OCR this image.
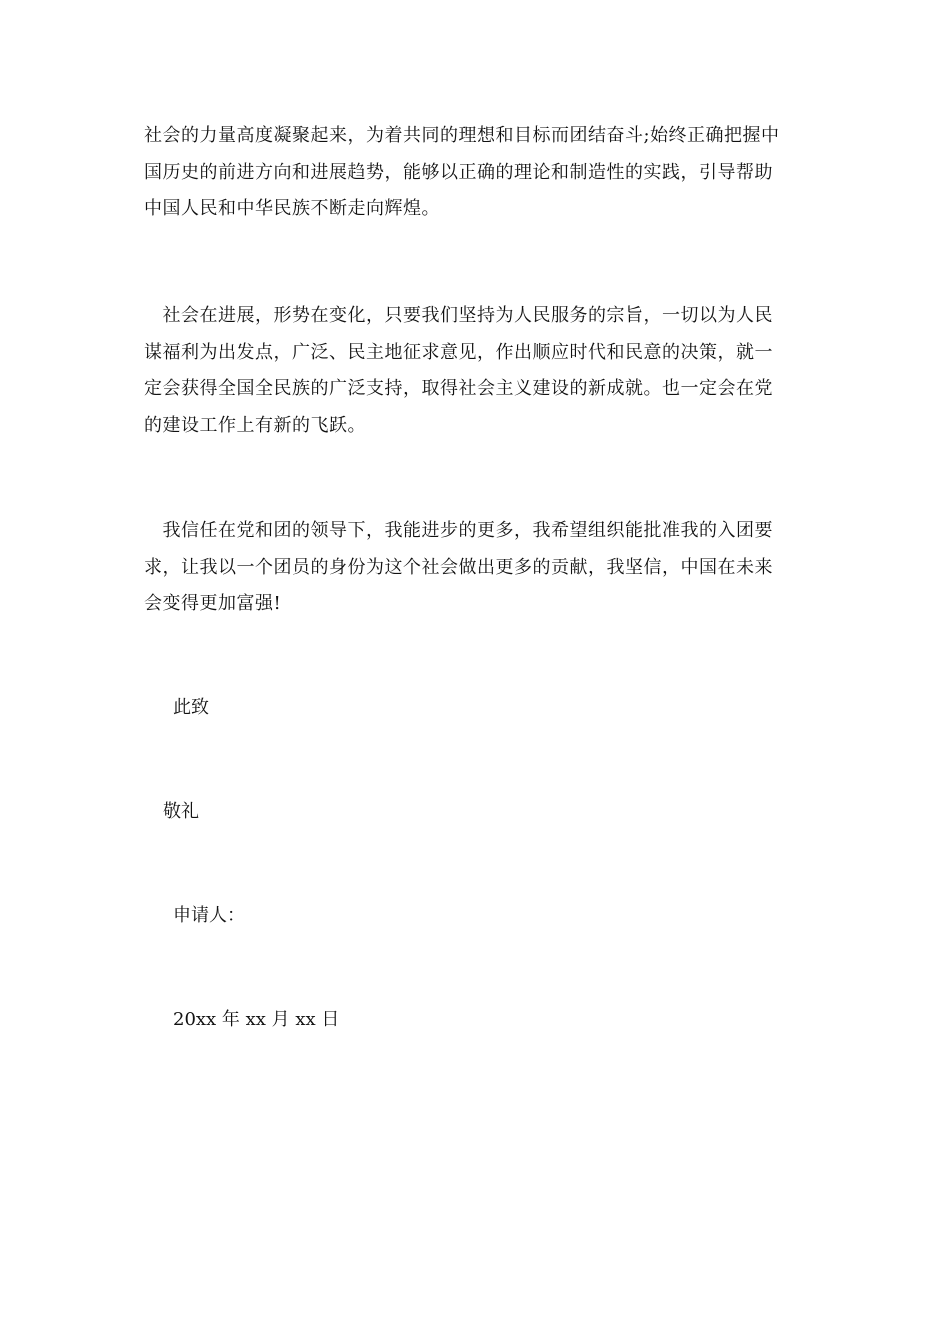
社会的力量高度凝聚起来，为着共同的理想和目标而团结奋斗;始终正确把握中
国历史的前进方向和进展趋势，能够以正确的理论和制造性的实践，引导帮助
中国人民和中华民族不断走向辉煌。

　社会在进展，形势在变化，只要我们坚持为人民服务的宗旨，一切以为人民
谋福利为出发点，广泛、民主地征求意见，作出顺应时代和民意的决策，就一
定会获得全国全民族的广泛支持，取得社会主义建设的新成就。也一定会在党
的建设工作上有新的飞跃。

　我信任在党和团的领导下，我能进步的更多，我希望组织能批准我的入团要
求，让我以一个团员的身份为这个社会做出更多的贡献，我坚信，中国在未来
会变得更加富强!

此致

敬礼

申请人：

20xx 年 xx 月 xx 日
